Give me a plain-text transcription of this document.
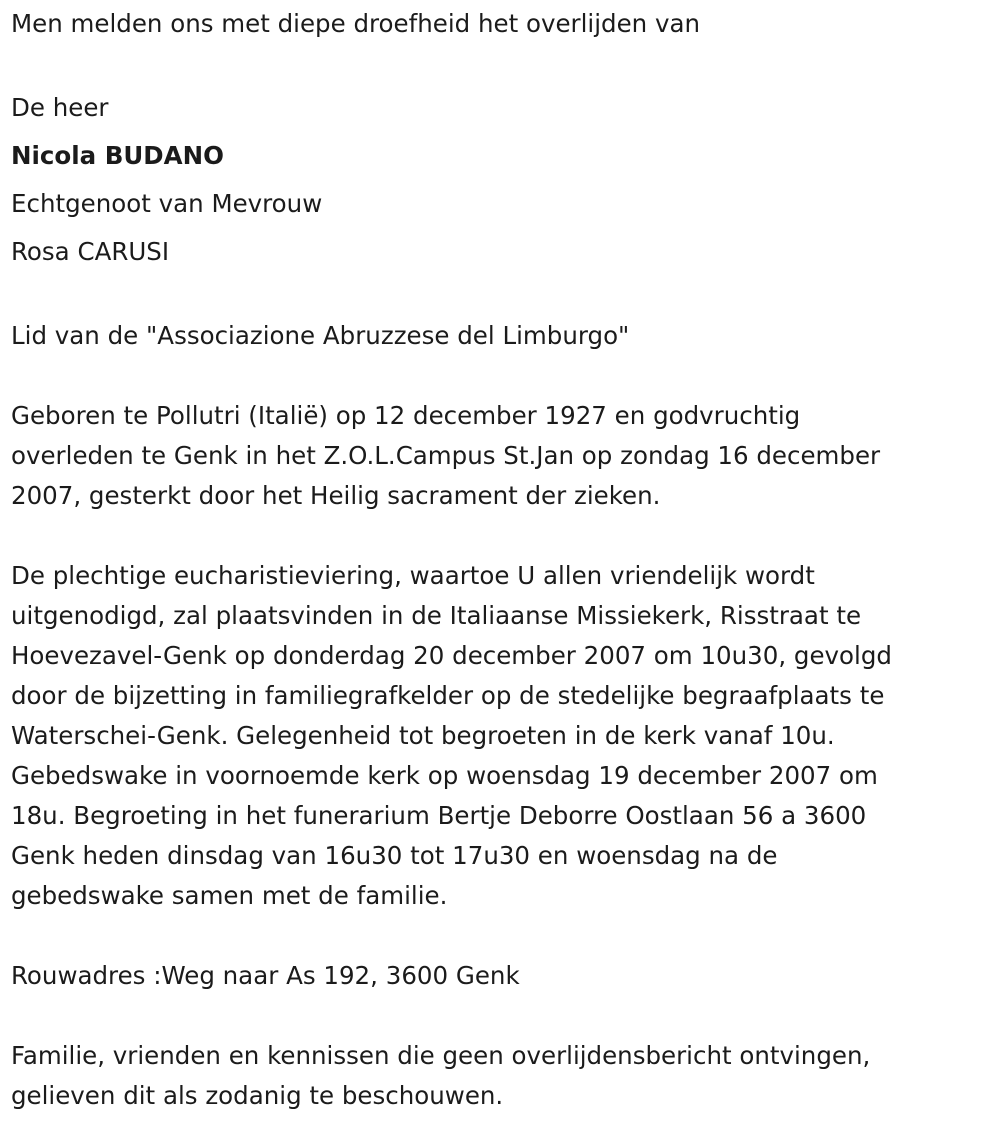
Men melden ons met diepe droefheid het overlijden van

De heer

Nicola BUDANO

Echtgenoot van Mevrouw

Rosa CARUSI

Lid van de "Associazione Abruzzese del Limburgo"

Geboren te Pollutri (Italië) op 12 december 1927 en godvruchtig

overleden te Genk in het Z.O.L.Campus St.Jan op zondag 16 december

2007, gesterkt door het Heilig sacrament der zieken.

De plechtige eucharistieviering, waartoe U allen vriendelijk wordt

uitgenodigd, zal plaatsvinden in de Italiaanse Missiekerk, Risstraat te

Hoevezavel-Genk op donderdag 20 december 2007 om 10u30, gevolgd

door de bijzetting in familiegrafkelder op de stedelijke begraafplaats te

Waterschei-Genk. Gelegenheid tot begroeten in de kerk vanaf 10u.

Gebedswake in voornoemde kerk op woensdag 19 december 2007 om

18u. Begroeting in het funerarium Bertje Deborre Oostlaan 56 a 3600

Genk heden dinsdag van 16u30 tot 17u30 en woensdag na de

gebedswake samen met de familie.

Rouwadres :Weg naar As 192, 3600 Genk

Familie, vrienden en kennissen die geen overlijdensbericht ontvingen,

gelieven dit als zodanig te beschouwen.
